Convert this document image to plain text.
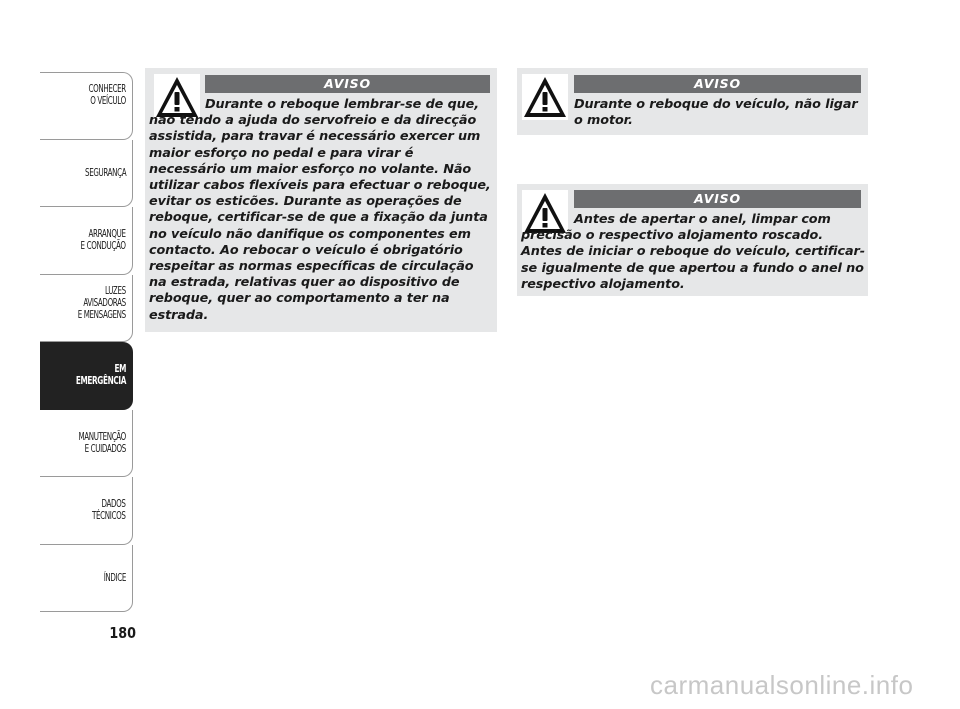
CONHECER
O VEÍCULO
SEGURANÇA
ARRANQUE
E CONDUÇÃO
LUZES
AVISADORAS
E MENSAGENS
EM EMERGÊNCIA
MANUTENÇÃO
E CUIDADOS
DADOS
TÉCNICOS
ÍNDICE
180
AVISO

Durante o reboque lembrar-se de que, não tendo a ajuda do servofreio e da direcção assistida, para travar é necessário exercer um maior esforço no pedal e para virar é necessário um maior esforço no volante. Não utilizar cabos flexíveis para efectuar o reboque, evitar os esticões. Durante as operações de reboque, certificar-se de que a fixação da junta no veículo não danifique os componentes em contacto. Ao rebocar o veículo é obrigatório respeitar as normas específicas de circulação na estrada, relativas quer ao dispositivo de reboque, quer ao comportamento a ter na estrada.

AVISO

Durante o reboque do veículo, não ligar o motor.

AVISO

Antes de apertar o anel, limpar com precisão o respectivo alojamento roscado. Antes de iniciar o reboque do veículo, certificar-se igualmente de que apertou a fundo o anel no respectivo alojamento.

carmanualsonline.info
